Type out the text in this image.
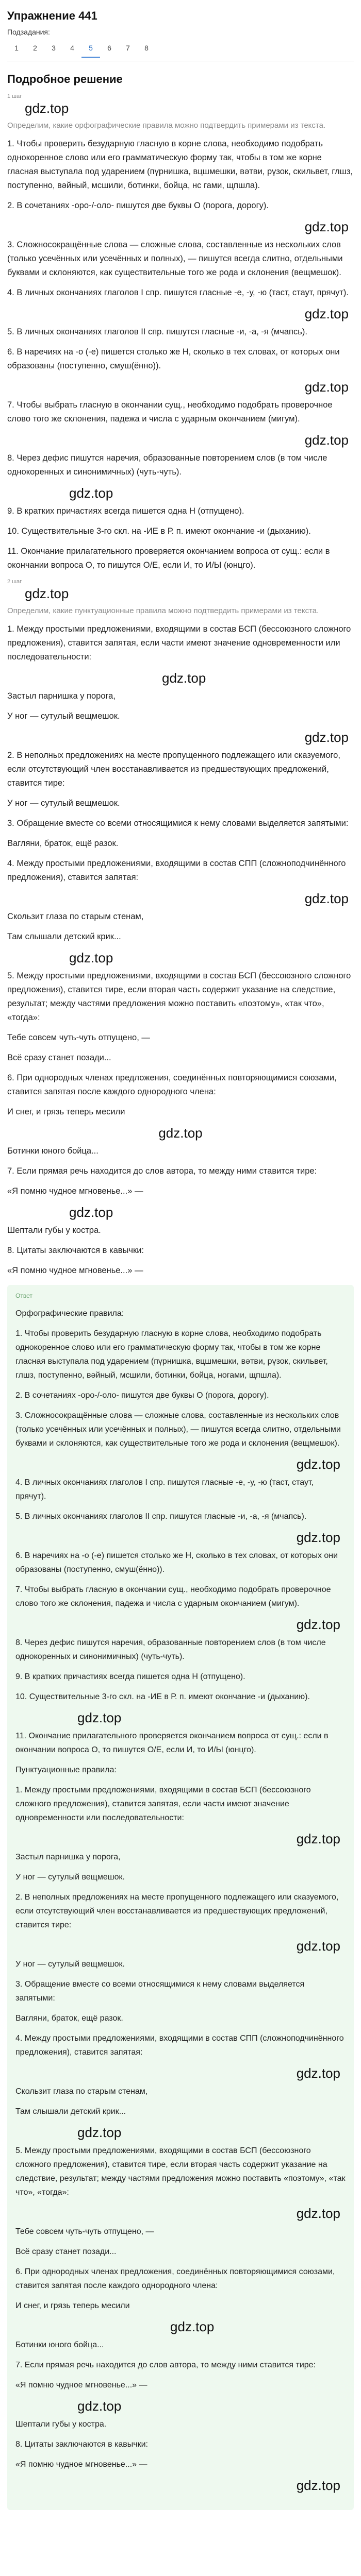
Упражнение 441
Подзадания:
1	2	3	4	5	6	7	8
Подробное решение
1 шаг
gdz.top
Определим, какие орфографические правила можно подтвердить примерами из текста.

1. Чтобы проверить безударную гласную в корне слова, необходимо подобрать однокоренное слово или его грамматическую форму так, чтобы в том же корне гласная выступала под ударением (пүрнишка, вцшмешки, вәтви, рүзок, скильвет, глшз, поступенно, вәйный, мсшили, ботинки, бойца, нс гами, щпшла).

2. В сочетаниях -оро-/-оло- пишутся две буквы О (порога, дорогу).

gdz.top

3. Сложносокращённые слова — сложные слова, составленные из нескольких слов (только усечённых или усечённых и полных), — пишутся всегда слитно, отдельными буквами и склоняются, как существительные того же рода и склонения (вещмешок).

4. В личных окончаниях глаголов I спр. пишутся гласные -е, -у, -ю (таст, стаут, прячут).

gdz.top

5. В личных окончаниях глаголов II спр. пишутся гласные -и, -а, -я (мчапсь).

6. В наречиях на -о (-е) пишется столько же Н, сколько в тех словах, от которых они образованы (поступенно, смуш(ённо)).

gdz.top

7. Чтобы выбрать гласную в окончании сущ., необходимо подобрать проверочное слово того же склонения, падежа и числа с ударным окончанием (мигум).

gdz.top

8. Через дефис пишутся наречия, образованные повторением слов (в том числе однокоренных и синонимичных) (чуть-чуть).

gdz.top

9. В кратких причастиях всегда пишется одна Н (отпущено).

10. Существительные 3-го скл. на -ИЕ в Р. п. имеют окончание -и (дыханию).

11. Окончание прилагательного проверяется окончанием вопроса от сущ.: если в окончании вопроса О, то пишутся О/Е, если И, то И/Ы (юнцго).

2 шаг
gdz.top
Определим, какие пунктуационные правила можно подтвердить примерами из текста.

1. Между простыми предложениями, входящими в состав БСП (бессоюзного сложного предложения), ставится запятая, если части имеют значение одновременности или последовательности:

gdz.top

Застыл парнишка у порога,

У ног — сутулый вещмешок.

gdz.top

2. В неполных предложениях на месте пропущенного подлежащего или сказуемого, если отсутствующий член восстанавливается из предшествующих предложений, ставится тире:

У ног — сутулый вещмешок.

3. Обращение вместе со всеми относящимися к нему словами выделяется запятыми:

Вагляни, браток, ещё разок.

4. Между простыми предложениями, входящими в состав СПП (сложноподчинённого предложения), ставится запятая:

gdz.top

Скользит глаза по старым стенам,

Там слышали детский крик...

gdz.top

5. Между простыми предложениями, входящими в состав БСП (бессоюзного сложного предложения), ставится тире, если вторая часть содержит указание на следствие, результат; между частями предложения можно поставить «поэтому», «так что», «тогда»:

Тебе совсем чуть-чуть отпущено, —

Всё сразу станет позади...

6. При однородных членах предложения, соединённых повторяющимися союзами, ставится запятая после каждого однородного члена:

И снег, и грязь теперь месили

gdz.top

Ботинки юного бойца...

7. Если прямая речь находится до слов автора, то между ними ставится тире:

«Я помню чудное мгновенье...» —

gdz.top

Шептали губы у костра.

8. Цитаты заключаются в кавычки:

«Я помню чудное мгновенье...» —

Ответ

Орфографические правила:

1. Чтобы проверить безударную гласную в корне слова, необходимо подобрать однокоренное слово или его грамматическую форму так, чтобы в том же корне гласная выступала под ударением (пүрнишка, вцшмешки, вәтви, рүзок, скильвет, глшз, поступенно, вәйный, мсшили, ботинки, бойца, ногами, щпшла).

2. В сочетаниях -оро-/-оло- пишутся две буквы О (порога, дорогу).

3. Сложносокращённые слова — сложные слова, составленные из нескольких слов (только усечённых или усечённых и полных), — пишутся всегда слитно, отдельными буквами и склоняются, как существительные того же рода и склонения (вещмешок).

gdz.top

4. В личных окончаниях глаголов I спр. пишутся гласные -е, -у, -ю (таст, стаут, прячут).

5. В личных окончаниях глаголов II спр. пишутся гласные -и, -а, -я (мчапсь).

gdz.top

6. В наречиях на -о (-е) пишется столько же Н, сколько в тех словах, от которых они образованы (поступенно, смуш(ённо)).

7. Чтобы выбрать гласную в окончании сущ., необходимо подобрать проверочное слово того же склонения, падежа и числа с ударным окончанием (мигум).

gdz.top

8. Через дефис пишутся наречия, образованные повторением слов (в том числе однокоренных и синонимичных) (чуть-чуть).

9. В кратких причастиях всегда пишется одна Н (отпущено).

10. Существительные 3-го скл. на -ИЕ в Р. п. имеют окончание -и (дыханию).

gdz.top

11. Окончание прилагательного проверяется окончанием вопроса от сущ.: если в окончании вопроса О, то пишутся О/Е, если И, то И/Ы (юнцго).

Пунктуационные правила:

1. Между простыми предложениями, входящими в состав БСП (бессоюзного сложного предложения), ставится запятая, если части имеют значение одновременности или последовательности:

gdz.top

Застыл парнишка у порога,

У ног — сутулый вещмешок.

2. В неполных предложениях на месте пропущенного подлежащего или сказуемого, если отсутствующий член восстанавливается из предшествующих предложений, ставится тире:

gdz.top

У ног — сутулый вещмешок.

3. Обращение вместе со всеми относящимися к нему словами выделяется запятыми:

Вагляни, браток, ещё разок.

4. Между простыми предложениями, входящими в состав СПП (сложноподчинённого предложения), ставится запятая:

gdz.top

Скользит глаза по старым стенам,

Там слышали детский крик...

gdz.top

5. Между простыми предложениями, входящими в состав БСП (бессоюзного сложного предложения), ставится тире, если вторая часть содержит указание на следствие, результат; между частями предложения можно поставить «поэтому», «так что», «тогда»:

gdz.top

Тебе совсем чуть-чуть отпущено, —

Всё сразу станет позади...

6. При однородных членах предложения, соединённых повторяющимися союзами, ставится запятая после каждого однородного члена:

И снег, и грязь теперь месили

gdz.top

Ботинки юного бойца...

7. Если прямая речь находится до слов автора, то между ними ставится тире:

«Я помню чудное мгновенье...» —

gdz.top

Шептали губы у костра.

8. Цитаты заключаются в кавычки:

«Я помню чудное мгновенье...» —

gdz.top
